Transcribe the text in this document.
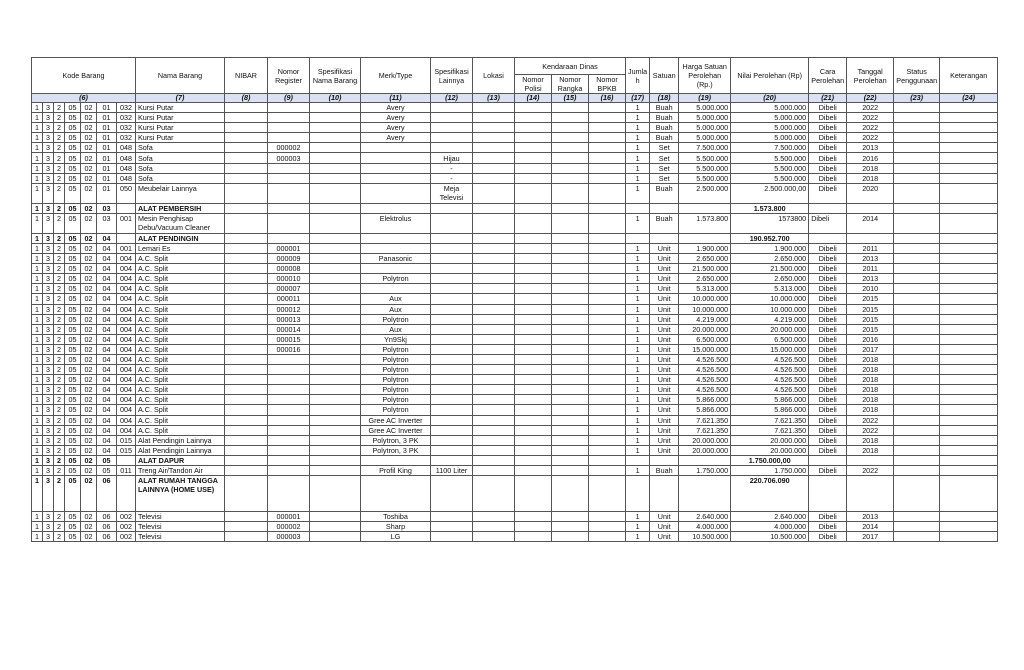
Kode Barang							Nama Barang	NIBAR	Nomor Register	Spesifikasi Nama Barang	Merk/Type	Spesifikasi Lainnya	Lokasi	Kendaraan Dinas			Jumla h	Satuan	Harga Satuan Perolehan (Rp.)	Nilai Perolehan (Rp)	Cara Perolehan	Tanggal Perolehan	Status Penggunaan	Keterangan
														Nomor Polisi	Nomor Rangka	Nomor BPKB								
(6)							(7)	(8)	(9)	(10)	(11)	(12)	(13)	(14)	(15)	(16)	(17)	(18)	(19)	(20)	(21)	(22)	(23)	(24)
1	3	2	05	02	01	032	Kursi Putar				Avery						1	Buah	5.000.000	5.000.000	Dibeli	2022		
1	3	2	05	02	01	032	Kursi Putar				Avery						1	Buah	5.000.000	5.000.000	Dibeli	2022		
1	3	2	05	02	01	032	Kursi Putar				Avery						1	Buah	5.000.000	5.000.000	Dibeli	2022		
1	3	2	05	02	01	032	Kursi Putar				Avery						1	Buah	5.000.000	5.000.000	Dibeli	2022		
1	3	2	05	02	01	048	Sofa		000002								1	Set	7.500.000	7.500.000	Dibeli	2013		
1	3	2	05	02	01	048	Sofa		000003			Hijau					1	Set	5.500.000	5.500.000	Dibeli	2016		
1	3	2	05	02	01	048	Sofa					-					1	Set	5.500.000	5.500.000	Dibeli	2018		
1	3	2	05	02	01	048	Sofa					-					1	Set	5.500.000	5.500.000	Dibeli	2018		
1	3	2	05	02	01	050	Meubelair Lainnya					Meja Televisi					1	Buah	2.500.000	2.500.000,00	Dibeli	2020		
1	3	2	05	02	03		ALAT PEMBERSIH													1.573.800				
1	3	2	05	02	03	001	Mesin Penghisap Debu/Vacuum Cleaner				Elektrolus						1	Buah	1.573.800	1573800	Dibeli	2014		
1	3	2	05	02	04		ALAT PENDINGIN													190.952.700				
1	3	2	05	02	04	001	Lemari Es		000001								1	Unit	1.900.000	1.900.000	Dibeli	2011		
1	3	2	05	02	04	004	A.C. Split		000009		Panasonic						1	Unit	2.650.000	2.650.000	Dibeli	2013		
1	3	2	05	02	04	004	A.C. Split		000008								1	Unit	21.500.000	21.500.000	Dibeli	2011		
1	3	2	05	02	04	004	A.C. Split		000010		Polytron						1	Unit	2.650.000	2.650.000	Dibeli	2013		
1	3	2	05	02	04	004	A.C. Split		000007								1	Unit	5.313.000	5.313.000	Dibeli	2010		
1	3	2	05	02	04	004	A.C. Split		000011		Aux						1	Unit	10.000.000	10.000.000	Dibeli	2015		
1	3	2	05	02	04	004	A.C. Split		000012		Aux						1	Unit	10.000.000	10.000.000	Dibeli	2015		
1	3	2	05	02	04	004	A.C. Split		000013		Polytron						1	Unit	4.219.000	4.219.000	Dibeli	2015		
1	3	2	05	02	04	004	A.C. Split		000014		Aux						1	Unit	20.000.000	20.000.000	Dibeli	2015		
1	3	2	05	02	04	004	A.C. Split		000015		Yn9Skj						1	Unit	6.500.000	6.500.000	Dibeli	2016		
1	3	2	05	02	04	004	A.C. Split		000016		Polytron						1	Unit	15.000.000	15.000.000	Dibeli	2017		
1	3	2	05	02	04	004	A.C. Split				Polytron						1	Unit	4.526.500	4.526.500	Dibeli	2018		
1	3	2	05	02	04	004	A.C. Split				Polytron						1	Unit	4.526.500	4.526.500	Dibeli	2018		
1	3	2	05	02	04	004	A.C. Split				Polytron						1	Unit	4.526.500	4.526.500	Dibeli	2018		
1	3	2	05	02	04	004	A.C. Split				Polytron						1	Unit	4.526.500	4.526.500	Dibeli	2018		
1	3	2	05	02	04	004	A.C. Split				Polytron						1	Unit	5.866.000	5.866.000	Dibeli	2018		
1	3	2	05	02	04	004	A.C. Split				Polytron						1	Unit	5.866.000	5.866.000	Dibeli	2018		
1	3	2	05	02	04	004	A.C. Split				Gree AC Inverter						1	Unit	7.621.350	7.621.350	Dibeli	2022		
1	3	2	05	02	04	004	A.C. Split				Gree AC Inverter						1	Unit	7.621.350	7.621.350	Dibeli	2022		
1	3	2	05	02	04	015	Alat Pendingin Lainnya				Polytron, 3 PK						1	Unit	20.000.000	20.000.000	Dibeli	2018		
1	3	2	05	02	04	015	Alat Pendingin Lainnya				Polytron, 3 PK						1	Unit	20.000.000	20.000.000	Dibeli	2018		
1	3	2	05	02	05		ALAT DAPUR													1.750.000,00				
1	3	2	05	02	05	011	Treng Air/Tandon Air				Profil King	1100 Liter					1	Buah	1.750.000	1.750.000	Dibeli	2022		
1	3	2	05	02	06		ALAT RUMAH TANGGA LAINNYA (HOME USE)													220.706.090				
1	3	2	05	02	06	002	Televisi		000001		Toshiba						1	Unit	2.640.000	2.640.000	Dibeli	2013		
1	3	2	05	02	06	002	Televisi		000002		Sharp						1	Unit	4.000.000	4.000.000	Dibeli	2014		
1	3	2	05	02	06	002	Televisi		000003		LG						1	Unit	10.500.000	10.500.000	Dibeli	2017		
